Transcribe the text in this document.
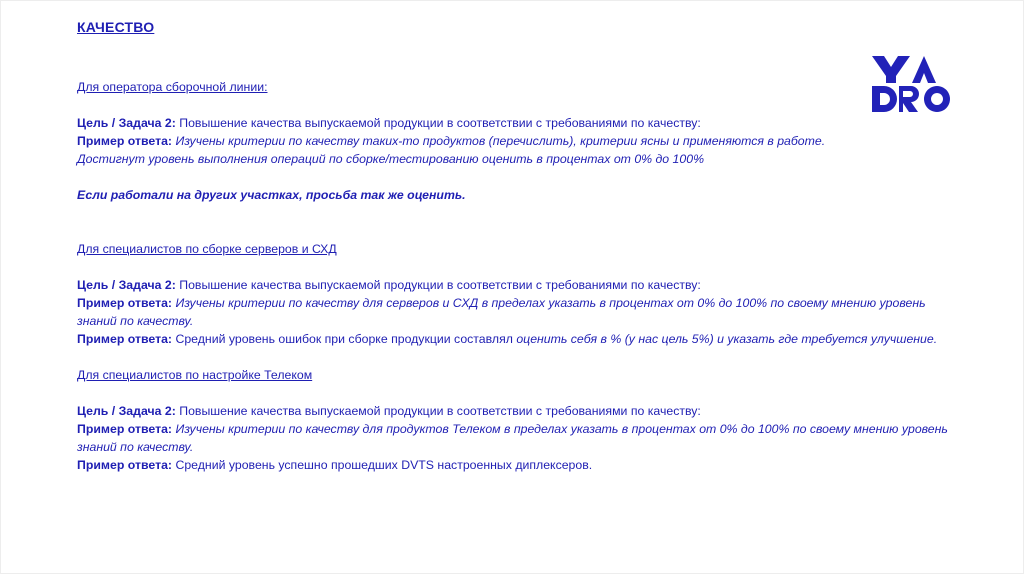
КАЧЕСТВО

Для оператора сборочной линии:

Цель / Задача 2: Повышение качества выпускаемой продукции в соответствии с требованиями по качеству:

Пример ответа: Изучены критерии по качеству таких-то продуктов (перечислить), критерии ясны и применяются в работе.

Достигнут уровень выполнения операций по сборке/тестированию оценить в процентах от 0% до 100%

Если работали на других участках, просьба так же оценить.

Для специалистов по сборке серверов и СХД

Цель / Задача 2: Повышение качества выпускаемой продукции в соответствии с требованиями по качеству:

Пример ответа: Изучены критерии по качеству для серверов и СХД в пределах указать в процентах от 0% до 100% по своему мнению уровень знаний по качеству.

Пример ответа: Средний уровень ошибок при сборке продукции составлял оценить себя в % (у нас цель 5%) и указать где требуется улучшение.

Для специалистов по настройке Телеком

Цель / Задача 2: Повышение качества выпускаемой продукции в соответствии с требованиями по качеству:

Пример ответа: Изучены критерии по качеству для продуктов Телеком в пределах указать в процентах от 0% до 100% по своему мнению уровень знаний по качеству.

Пример ответа: Средний уровень успешно прошедших DVTS настроенных диплексеров.
